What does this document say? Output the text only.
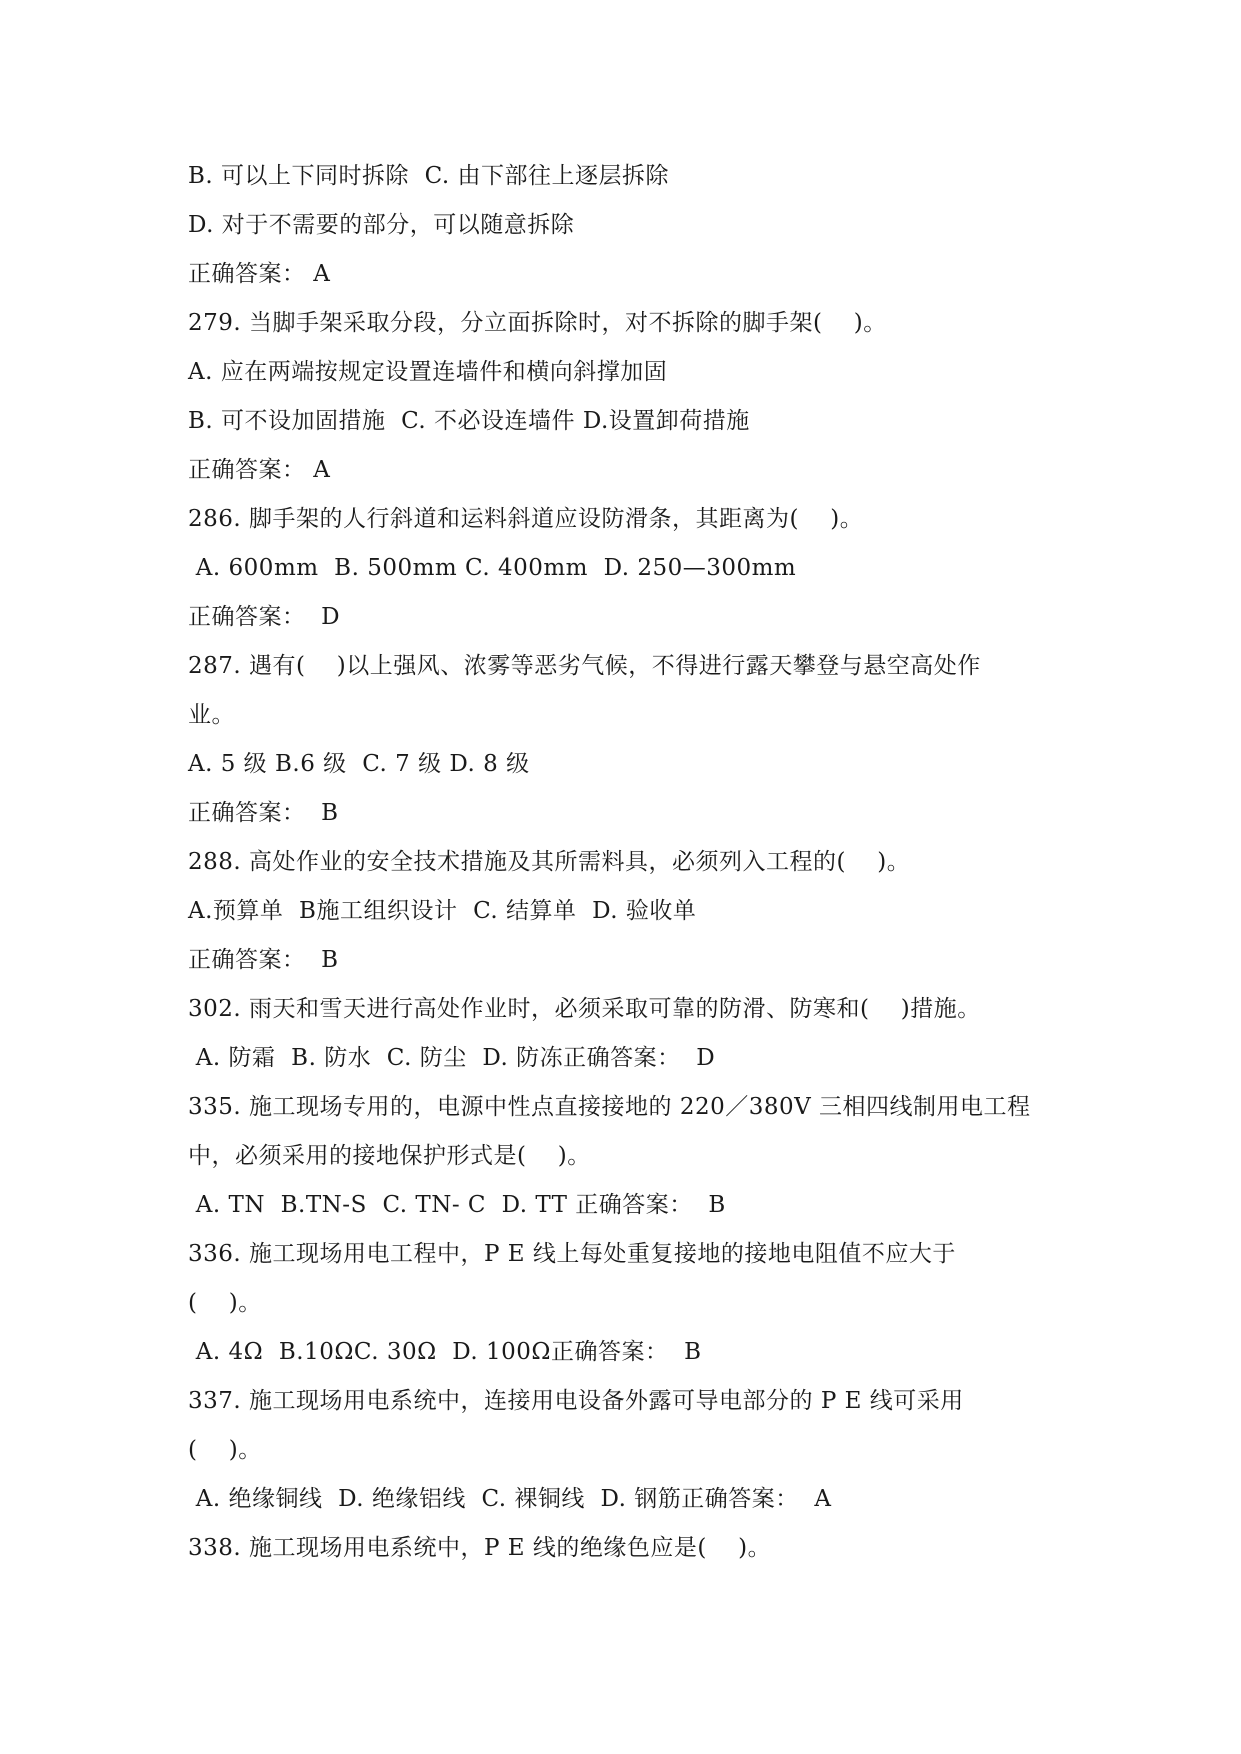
B. 可以上下同时拆除  C. 由下部往上逐层拆除
D. 对于不需要的部分，可以随意拆除
正确答案： A
279. 当脚手架采取分段，分立面拆除时，对不拆除的脚手架(    )。
A. 应在两端按规定设置连墙件和横向斜撑加固
B. 可不设加固措施  C. 不必设连墙件 D.设置卸荷措施
正确答案： A
286. 脚手架的人行斜道和运料斜道应设防滑条，其距离为(    )。
A. 600mm  B. 500mm C. 400mm  D. 250—300mm
正确答案：  D
287. 遇有(    )以上强风、浓雾等恶劣气候，不得进行露天攀登与悬空高处作
业。
A. 5 级 B.6 级  C. 7 级 D. 8 级
正确答案：  B
288. 高处作业的安全技术措施及其所需料具，必须列入工程的(    )。
A.预算单  B施工组织设计  C. 结算单  D. 验收单
正确答案：  B
302. 雨天和雪天进行高处作业时，必须采取可靠的防滑、防寒和(    )措施。
A. 防霜  B. 防水  C. 防尘  D. 防冻正确答案：  D
335. 施工现场专用的，电源中性点直接接地的 220／380V 三相四线制用电工程
中，必须采用的接地保护形式是(    )。
A. TN  B.TN-S  C. TN- C  D. TT 正确答案：  B
336. 施工现场用电工程中，P E 线上每处重复接地的接地电阻值不应大于
(    )。
A. 4Ω  B.10ΩC. 30Ω  D. 100Ω正确答案：  B
337. 施工现场用电系统中，连接用电设备外露可导电部分的 P E 线可采用
(    )。
A. 绝缘铜线  D. 绝缘铝线  C. 裸铜线  D. 钢筋正确答案：  A
338. 施工现场用电系统中，P E 线的绝缘色应是(    )。
